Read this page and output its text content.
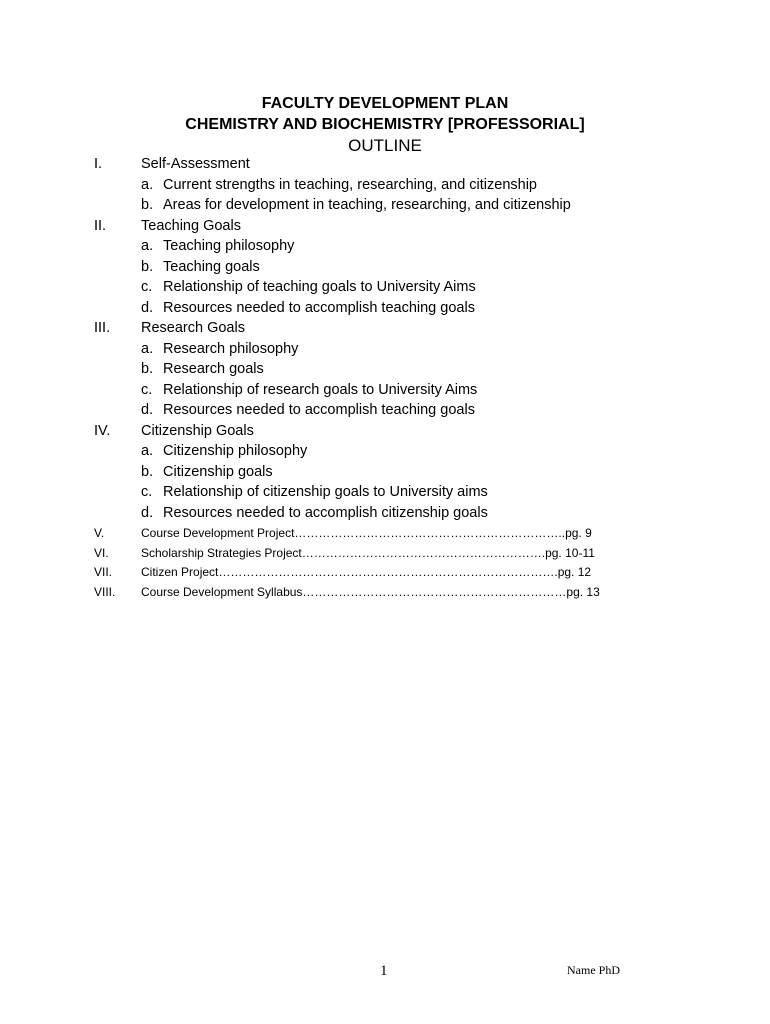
FACULTY DEVELOPMENT PLAN
CHEMISTRY AND BIOCHEMISTRY [PROFESSORIAL]
OUTLINE
I.	Self-Assessment
a. Current strengths in teaching, researching, and citizenship
b. Areas for development in teaching, researching, and citizenship
II. Teaching Goals
a. Teaching philosophy
b. Teaching goals
c. Relationship of teaching goals to University Aims
d. Resources needed to accomplish teaching goals
III. Research Goals
a. Research philosophy
b. Research goals
c. Relationship of research goals to University Aims
d. Resources needed to accomplish teaching goals
IV. Citizenship Goals
a. Citizenship philosophy
b. Citizenship goals
c. Relationship of citizenship goals to University aims
d. Resources needed to accomplish citizenship goals
V.	Course Development Project…………………………………………………………..pg. 9
VI.	Scholarship Strategies Project…………………………………………………….pg. 10-11
VII. Citizen Project………………………………………………………………………….pg. 12
VIII. Course Development Syllabus…………………………………………………………pg. 13
1	Name PhD
